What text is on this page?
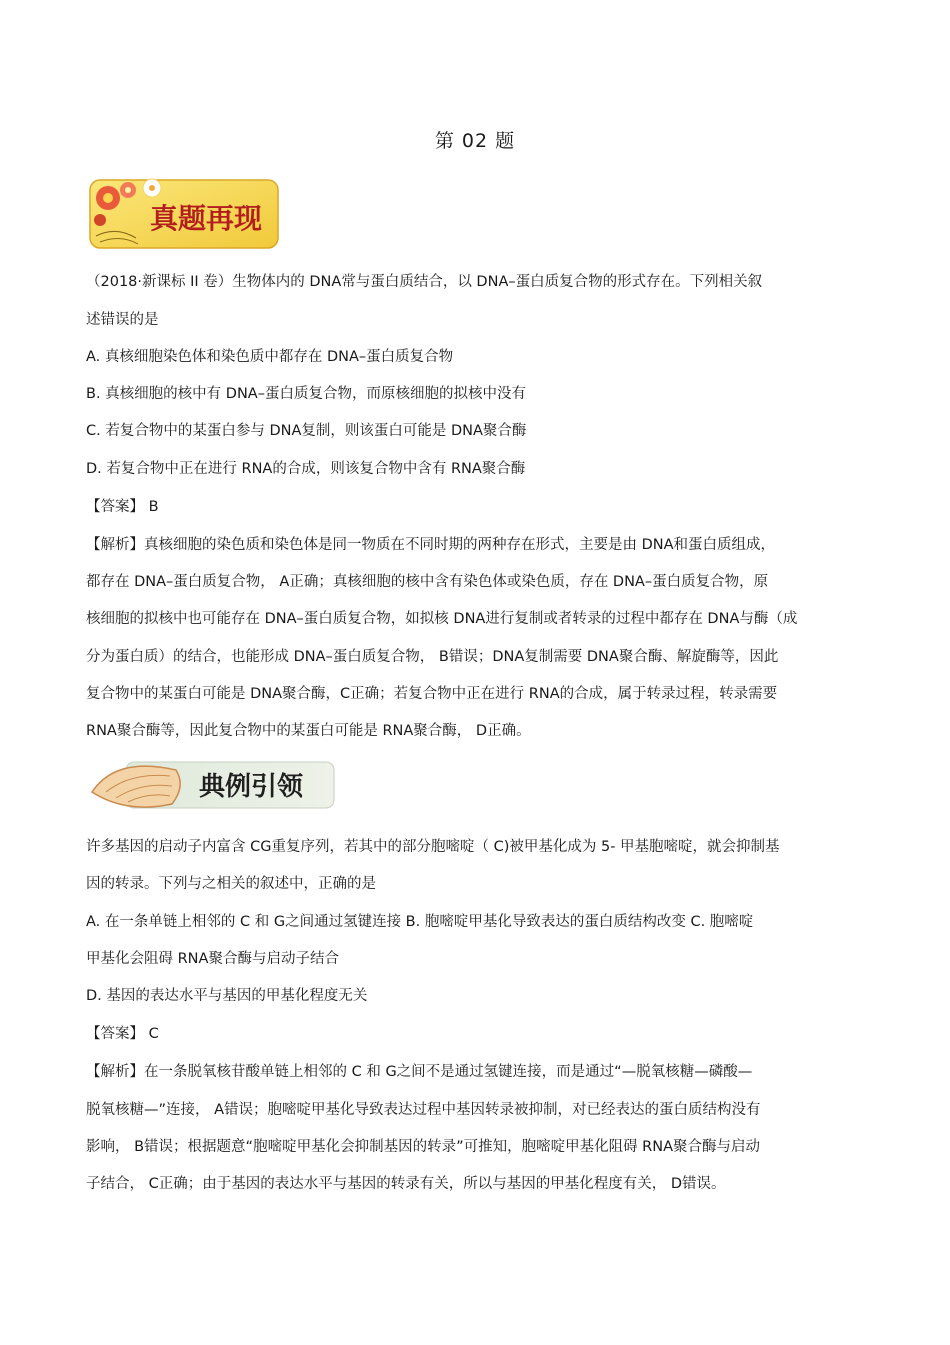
第 02 题
真题再现
（2018·新课标 II 卷）生物体内的 DNA常与蛋白质结合，以 DNA–蛋白质复合物的形式存在。下列相关叙
述错误的是
A. 真核细胞染色体和染色质中都存在 DNA–蛋白质复合物
B. 真核细胞的核中有 DNA–蛋白质复合物，而原核细胞的拟核中没有
C. 若复合物中的某蛋白参与 DNA复制，则该蛋白可能是 DNA聚合酶
D. 若复合物中正在进行 RNA的合成，则该复合物中含有 RNA聚合酶
【答案】 B
【解析】真核细胞的染色质和染色体是同一物质在不同时期的两种存在形式，主要是由 DNA和蛋白质组成，
都存在 DNA–蛋白质复合物， A正确；真核细胞的核中含有染色体或染色质，存在 DNA–蛋白质复合物，原
核细胞的拟核中也可能存在 DNA–蛋白质复合物，如拟核 DNA进行复制或者转录的过程中都存在 DNA与酶（成
分为蛋白质）的结合，也能形成 DNA–蛋白质复合物， B错误；DNA复制需要 DNA聚合酶、解旋酶等，因此
复合物中的某蛋白可能是 DNA聚合酶，C正确；若复合物中正在进行 RNA的合成，属于转录过程，转录需要
RNA聚合酶等，因此复合物中的某蛋白可能是 RNA聚合酶， D正确。
典例引领
许多基因的启动子内富含 CG重复序列，若其中的部分胞嘧啶（ C)被甲基化成为 5- 甲基胞嘧啶，就会抑制基
因的转录。下列与之相关的叙述中，正确的是
A. 在一条单链上相邻的 C 和 G之间通过氢键连接 B. 胞嘧啶甲基化导致表达的蛋白质结构改变 C. 胞嘧啶
甲基化会阻碍 RNA聚合酶与启动子结合
D. 基因的表达水平与基因的甲基化程度无关
【答案】 C
【解析】在一条脱氧核苷酸单链上相邻的 C 和 G之间不是通过氢键连接，而是通过“—脱氧核糖—磷酸—
脱氧核糖—”连接， A错误；胞嘧啶甲基化导致表达过程中基因转录被抑制，对已经表达的蛋白质结构没有
影响， B错误；根据题意“胞嘧啶甲基化会抑制基因的转录”可推知，胞嘧啶甲基化阻碍 RNA聚合酶与启动
子结合， C正确；由于基因的表达水平与基因的转录有关，所以与基因的甲基化程度有关， D错误。
